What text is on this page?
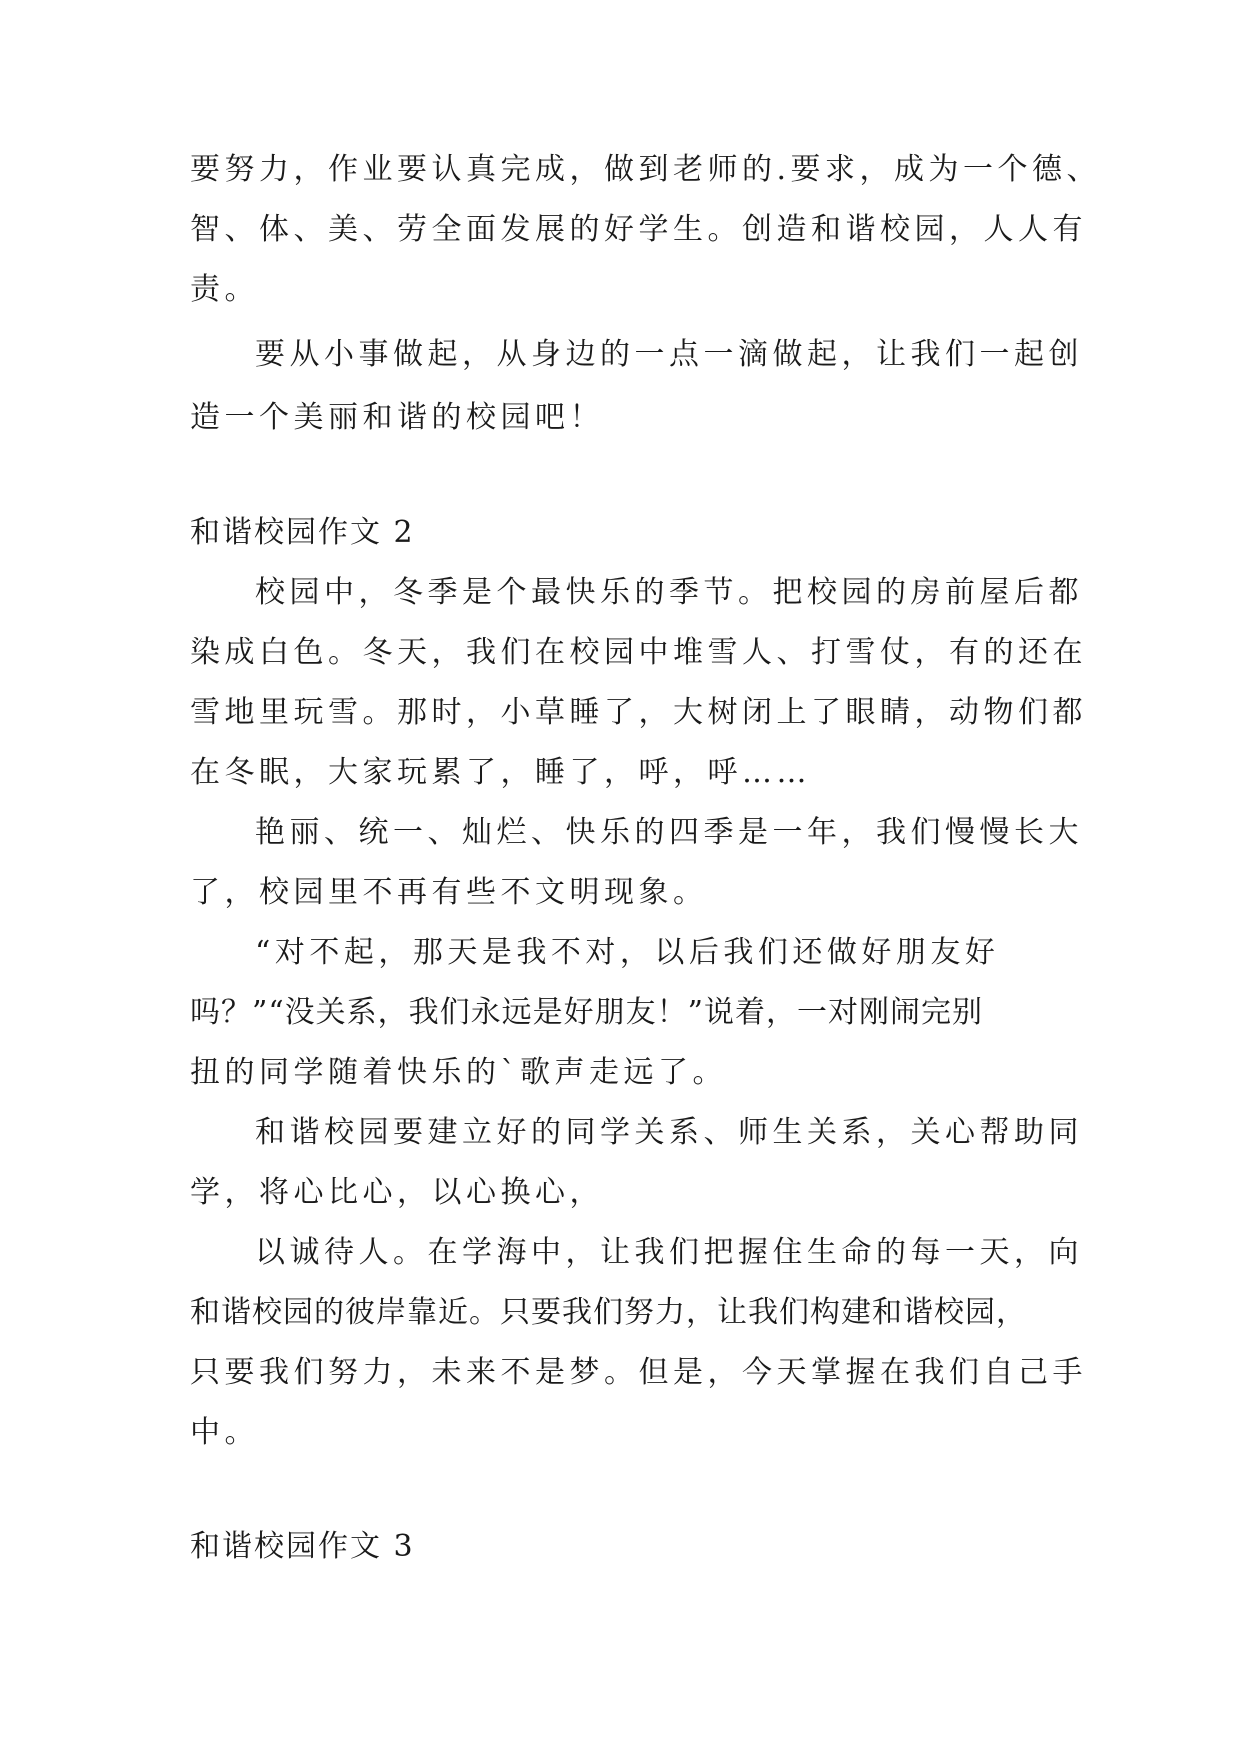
要努力，作业要认真完成，做到老师的.要求，成为一个德、
智、体、美、劳全面发展的好学生。创造和谐校园，人人有
责。
要从小事做起，从身边的一点一滴做起，让我们一起创
造一个美丽和谐的校园吧！
和谐校园作文 2
校园中，冬季是个最快乐的季节。把校园的房前屋后都
染成白色。冬天，我们在校园中堆雪人、打雪仗，有的还在
雪地里玩雪。那时，小草睡了，大树闭上了眼睛，动物们都
在冬眠，大家玩累了，睡了，呼，呼……
艳丽、统一、灿烂、快乐的四季是一年，我们慢慢长大
了，校园里不再有些不文明现象。
“对不起，那天是我不对，以后我们还做好朋友好
吗？”“没关系，我们永远是好朋友！”说着，一对刚闹完别
扭的同学随着快乐的`歌声走远了。
和谐校园要建立好的同学关系、师生关系，关心帮助同
学，将心比心，以心换心，
以诚待人。在学海中，让我们把握住生命的每一天，向
和谐校园的彼岸靠近。只要我们努力，让我们构建和谐校园，
只要我们努力，未来不是梦。但是，今天掌握在我们自己手
中。
和谐校园作文 3
